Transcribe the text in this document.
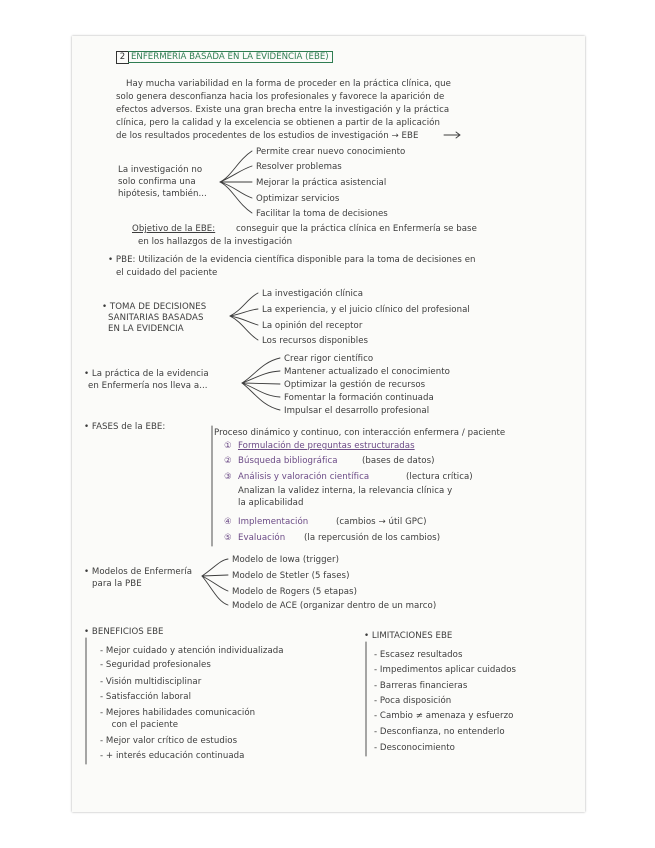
2 ENFERMERÍA BASADA EN LA EVIDENCIA (EBE)
Hay mucha variabilidad en la forma de proceder en la práctica clínica, que
solo genera desconfianza hacia los profesionales y favorece la aparición de
efectos adversos. Existe una gran brecha entre la investigación y la práctica
clínica, pero la calidad y la excelencia se obtienen a partir de la aplicación
de los resultados procedentes de los estudios de investigación → EBE
La investigación no
solo confirma una
hipótesis, también...
Permite crear nuevo conocimiento
Resolver problemas
Mejorar la práctica asistencial
Optimizar servicios
Facilitar la toma de decisiones
Objetivo de la EBE: conseguir que la práctica clínica en Enfermería se base
en los hallazgos de la investigación
• PBE: Utilización de la evidencia científica disponible para la toma de decisiones en
el cuidado del paciente
• TOMA DE DECISIONES
SANITARIAS BASADAS
EN LA EVIDENCIA
La investigación clínica
La experiencia, y el juicio clínico del profesional
La opinión del receptor
Los recursos disponibles
• La práctica de la evidencia
en Enfermería nos lleva a...
Crear rigor científico
Mantener actualizado el conocimiento
Optimizar la gestión de recursos
Fomentar la formación continuada
Impulsar el desarrollo profesional
• FASES de la EBE:
Proceso dinámico y continuo, con interacción enfermera / paciente
① Formulación de preguntas estructuradas
② Búsqueda bibliográfica	(bases de datos)
③ Análisis y valoración científica	(lectura crítica)
Analizan la validez interna, la relevancia clínica y
la aplicabilidad
④ Implementación	(cambios → útil GPC)
⑤ Evaluación (la repercusión de los cambios)
• Modelos de Enfermería
para la PBE
Modelo de Iowa (trigger)
Modelo de Stetler (5 fases)
Modelo de Rogers (5 etapas)
Modelo de ACE (organizar dentro de un marco)
• BENEFICIOS EBE
- Mejor cuidado y atención individualizada
- Seguridad profesionales
- Visión multidisciplinar
- Satisfacción laboral
- Mejores habilidades comunicación
con el paciente
- Mejor valor crítico de estudios
- + interés educación continuada
• LIMITACIONES EBE
- Escasez resultados
- Impedimentos aplicar cuidados
- Barreras financieras
- Poca disposición
- Cambio ≠ amenaza y esfuerzo
- Desconfianza, no entenderlo
- Desconocimiento
